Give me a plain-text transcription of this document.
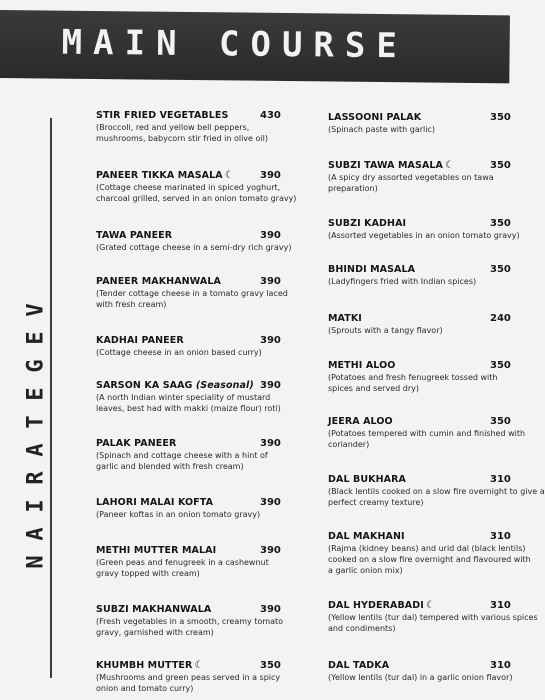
MAIN COURSE
V
E
G
E
T
A
R
I
A
N
STIR FRIED VEGETABLES
(Broccoli, red and yellow bell peppers,
mushrooms, babycorn stir fried in olive oil)
430
PANEER TIKKA MASALA ☾
(Cottage cheese marinated in spiced yoghurt,
charcoal grilled, served in an onion tomato gravy)
390
TAWA PANEER
(Grated cottage cheese in a semi-dry rich gravy)
390
PANEER MAKHANWALA
(Tender cottage cheese in a tomato gravy laced
with fresh cream)
390
KADHAI PANEER
(Cottage cheese in an onion based curry)
390
SARSON KA SAAG (Seasonal)
(A north Indian winter speciality of mustard
leaves, best had with makki (maize flour) roti)
390
PALAK PANEER
(Spinach and cottage cheese with a hint of
garlic and blended with fresh cream)
390
LAHORI MALAI KOFTA
(Paneer koftas in an onion tomato gravy)
390
METHI MUTTER MALAI
(Green peas and fenugreek in a cashewnut
gravy topped with cream)
390
SUBZI MAKHANWALA
(Fresh vegetables in a smooth, creamy tomato
gravy, garnished with cream)
390
KHUMBH MUTTER ☾
(Mushrooms and green peas served in a spicy
onion and tomato curry)
350
LASSOONI PALAK
(Spinach paste with garlic)
350
SUBZI TAWA MASALA ☾
(A spicy dry assorted vegetables on tawa
preparation)
350
SUBZI KADHAI
(Assorted vegetables in an onion tomato gravy)
350
BHINDI MASALA
(Ladyfingers fried with Indian spices)
350
MATKI
(Sprouts with a tangy flavor)
240
METHI ALOO
(Potatoes and fresh fenugreek tossed with
spices and served dry)
350
JEERA ALOO
(Potatoes tempered with cumin and finished with
coriander)
350
DAL BUKHARA
(Black lentils cooked on a slow fire overnight to give a
perfect creamy texture)
310
DAL MAKHANI
(Rajma (kidney beans) and urid dal (black lentils)
cooked on a slow fire overnight and flavoured with
a garlic onion mix)
310
DAL HYDERABADI ☾
(Yellow lentils (tur dal) tempered with various spices
and condiments)
310
DAL TADKA
(Yellow lentils (tur dal) in a garlic onion flavor)
310
